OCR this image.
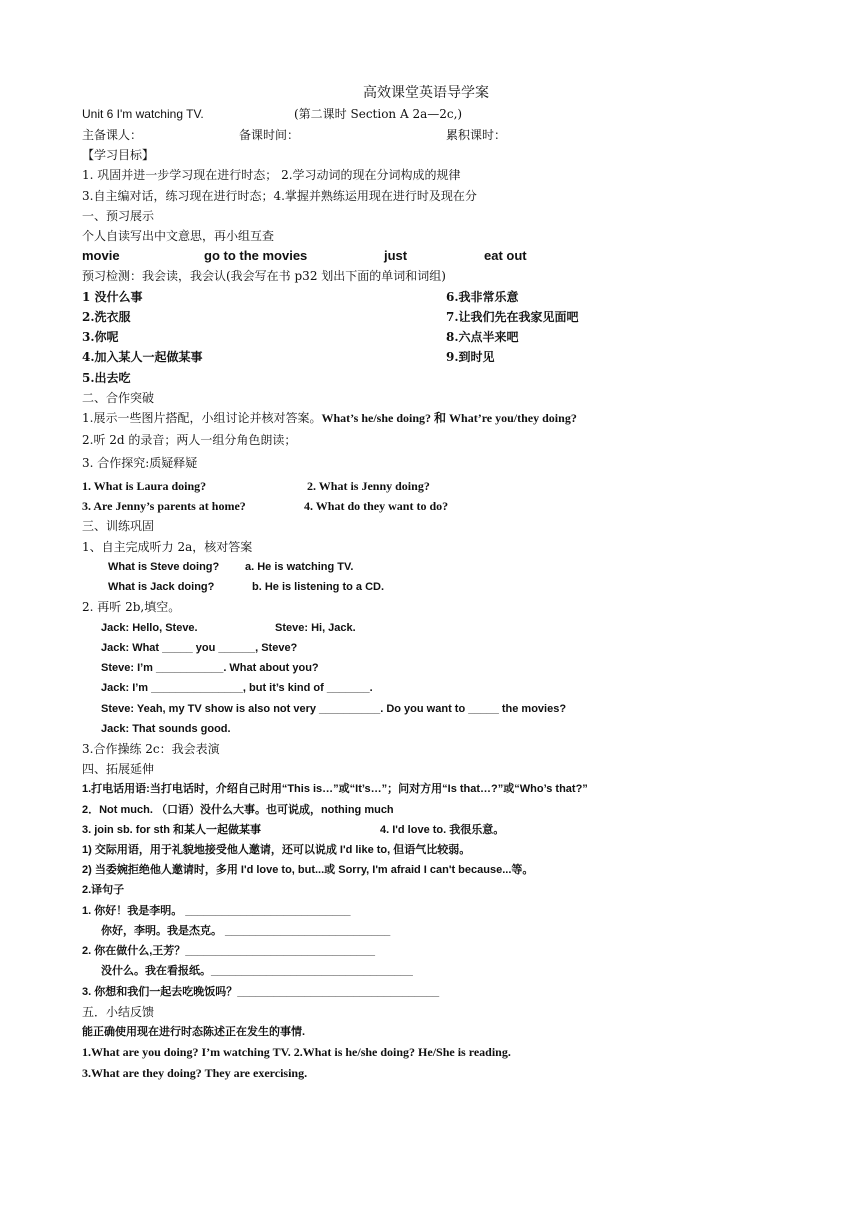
高效课堂英语导学案
Unit 6 I'm watching TV.	(第二课时 Section A 2a—2c,)
主备课人：	备课时间：	累积课时：
【学习目标】
1. 巩固并进一步学习现在进行时态； 2.学习动词的现在分词构成的规律
3.自主编对话，练习现在进行时态；4.掌握并熟练运用现在进行时及现在分
一、预习展示
个人自读写出中文意思，再小组互查
movie	go to the movies	just	eat out
预习检测：我会读，我会认(我会写在书 p32 划出下面的单词和词组)
1 没什么事	6.我非常乐意
2.洗衣服	7.让我们先在我家见面吧
3.你呢	8.六点半来吧
4.加入某人一起做某事	9.到时见
5.出去吃
二、合作突破
1.展示一些图片搭配，小组讨论并核对答案。What’s he/she doing? 和 What’re you/they doing?
2.听 2d 的录音；两人一组分角色朗读；
3. 合作探究:质疑释疑
1. What is Laura doing?	2. What is Jenny doing?
3. Are Jenny’s parents at home?	4. What do they want to do?
三、训练巩固
1、自主完成听力 2a，核对答案
What is Steve doing? a. He is watching TV.
What is Jack doing?	b. He is listening to a CD.
2. 再听 2b,填空。
Jack: Hello, Steve.	Steve: Hi, Jack.
Jack: What _____ you ______, Steve?
Steve: I’m ___________. What about you?
Jack: I’m _______________, but it’s kind of _______.
Steve: Yeah, my TV show is also not very __________. Do you want to _____ the movies?
Jack: That sounds good.
3.合作操练 2c：我会表演
四、拓展延伸
1.打电话用语:当打电话时，介绍自己时用“This is…”或“It’s…”；问对方用“Is that…?”或“Who’s that?”
2．Not much. （口语）没什么大事。也可说成，nothing much
3. join sb. for sth 和某人一起做某事	4. I'd love to. 我很乐意。
1) 交际用语，用于礼貌地接受他人邀请，还可以说成 I'd like to, 但语气比较弱。
2) 当委婉拒绝他人邀请时，多用 I'd love to, but...或 Sorry, I'm afraid I can't because...等。
2.译句子
1. 你好！我是李明。 ___________________________
你好，李明。我是杰克。 ___________________________
2. 你在做什么,王芳？_______________________________
没什么。我在看报纸。_________________________________
3. 你想和我们一起去吃晚饭吗？_________________________________
五．小结反馈
能正确使用现在进行时态陈述正在发生的事情.
1.What are you doing? I’m watching TV. 2.What is he/she doing? He/She is reading.
3.What are they doing? They are exercising.
